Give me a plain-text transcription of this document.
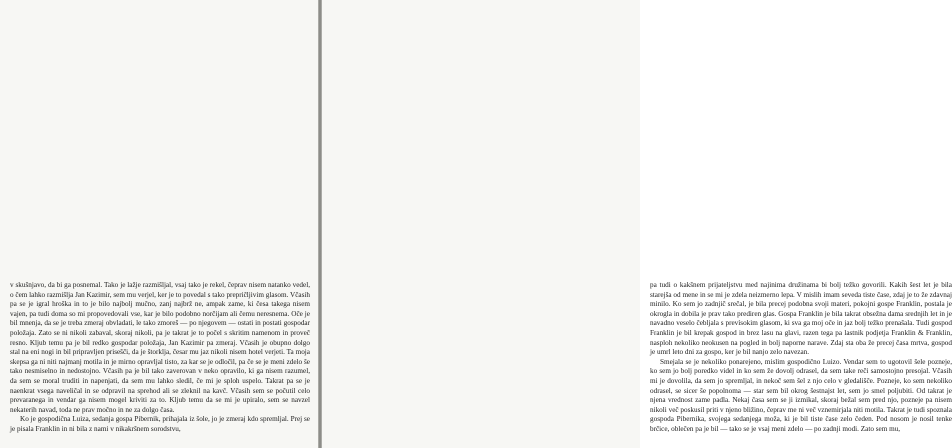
v skušnjavo, da bi ga posnemal. Tako je lažje razmišljal, vsaj tako je rekel, čeprav nisem natanko vedel, o čem lahko razmišlja Jan Kazimir, sem mu verjel, ker je to povedal s tako prepričljivim glasom. Včasih pa se je igral hroška in to je bilo najbolj mučno, zanj najbrž ne, ampak zame, ki česa takega nisem vajen, pa tudi doma so mi propovedovali vse, kar je bilo podobno norčijam ali čemu neresnema. Oče je bil mnenja, da se je treba zmeraj obvladati, le tako zmoreš — po njegovem — ostati in postati gospodar položaja. Zato se ni nikoli zabaval, skoraj nikoli, pa je takrat je to počel s skritim namenom in proveč resno. Kljub temu pa je bil redko gospodar položaja, Jan Kazimir pa zmeraj. Včasih je obupno dolgo stal na eni nogi in bil pripravljen prisešči, da je štorklja, česar mu jaz nikoli nisem hotel verjeti. Ta moja skepsa ga ni niti najmanj motila in je mirno opravljal tisto, za kar se je odločil, pa če se je meni zdelo še tako nesmiselno in nedostojno. Včasih pa je bil tako zaverovan v neko opravilo, ki ga nisem razumel, da sem se moral truditi in napenjati, da sem mu lahko sledil, če mi je sploh uspelo. Takrat pa se je naenkrat vsega naveličal in se odpravil na sprehod ali se zleknil na kavč. Včasih sem se počutil celo prevaranega in vendar ga nisem mogel kriviti za to. Kljub temu da se mi je upiralo, sem se navzel nekaterih navad, toda ne prav močno in ne za dolgo časa.

Ko je gospodična Luiza, sedanja gospa Pibernik, prihajala iz šole, jo je zmeraj kdo spremljal. Prej se je pisala Franklin in ni bila z nami v nikakršnem sorodstvu,

pa tudi o kakšnem prijateljstvu med najinima družinama bi bolj težko govorili. Kakih šest let je bila starejša od mene in se mi je zdela neizmerno lepa. V mislih imam seveda tiste čase, zdaj je to že zdavnaj minilo. Ko sem jo zadnjič srečal, je bila precej podobna svoji materi, pokojni gospe Franklin, postala je okrogla in dobila je prav tako prediren glas. Gospa Franklin je bila takrat obsežna dama srednjih let in je navadno veselo čebljala s prevísokim glasom, ki sva ga moj oče in jaz bolj težko prenašala. Tudi gospod Franklin je bil krepak gospod in brez lasu na glavi, razen tega pa lastnik podjetja Franklin & Franklin, nasploh nekoliko neokusen na pogled in bolj naporne narave. Zdaj sta oba že precej časa mrtva, gospod je umrl leto dni za gospo, ker je bil nanjo zelo navezan.

Smejala se je nekoliko ponarejeno, mislim gospodično Luizo. Vendar sem to ugotovil šele pozneje, ko sem jo bolj poredko videl in ko sem že dovolj odrasel, da sem take reči samostojno presojal. Včasih mi je dovolila, da sem jo spremljal, in nekoč sem šel z njo celo v gledališče. Pozneje, ko sem nekoliko odrasel, se sicer še popolnoma — star sem bil okrog šestnajst let, sem jo smel poljubiti. Od takrat je njena vrednost zame padla. Nekaj časa sem se ji izmikal, skoraj bežal sem pred njo, pozneje pa nisem nikoli več poskusil priti v njeno bližino, čeprav me ni več vznemirjala niti motila. Takrat je tudi spoznala gospoda Pibernika, svojega sedanjega moža, ki je bil tiste čase zelo čeden. Pod nosom je nosil tenke brčice, oblečen pa je bil — tako se je vsaj meni zdelo — po zadnji modi. Zato sem mu,
